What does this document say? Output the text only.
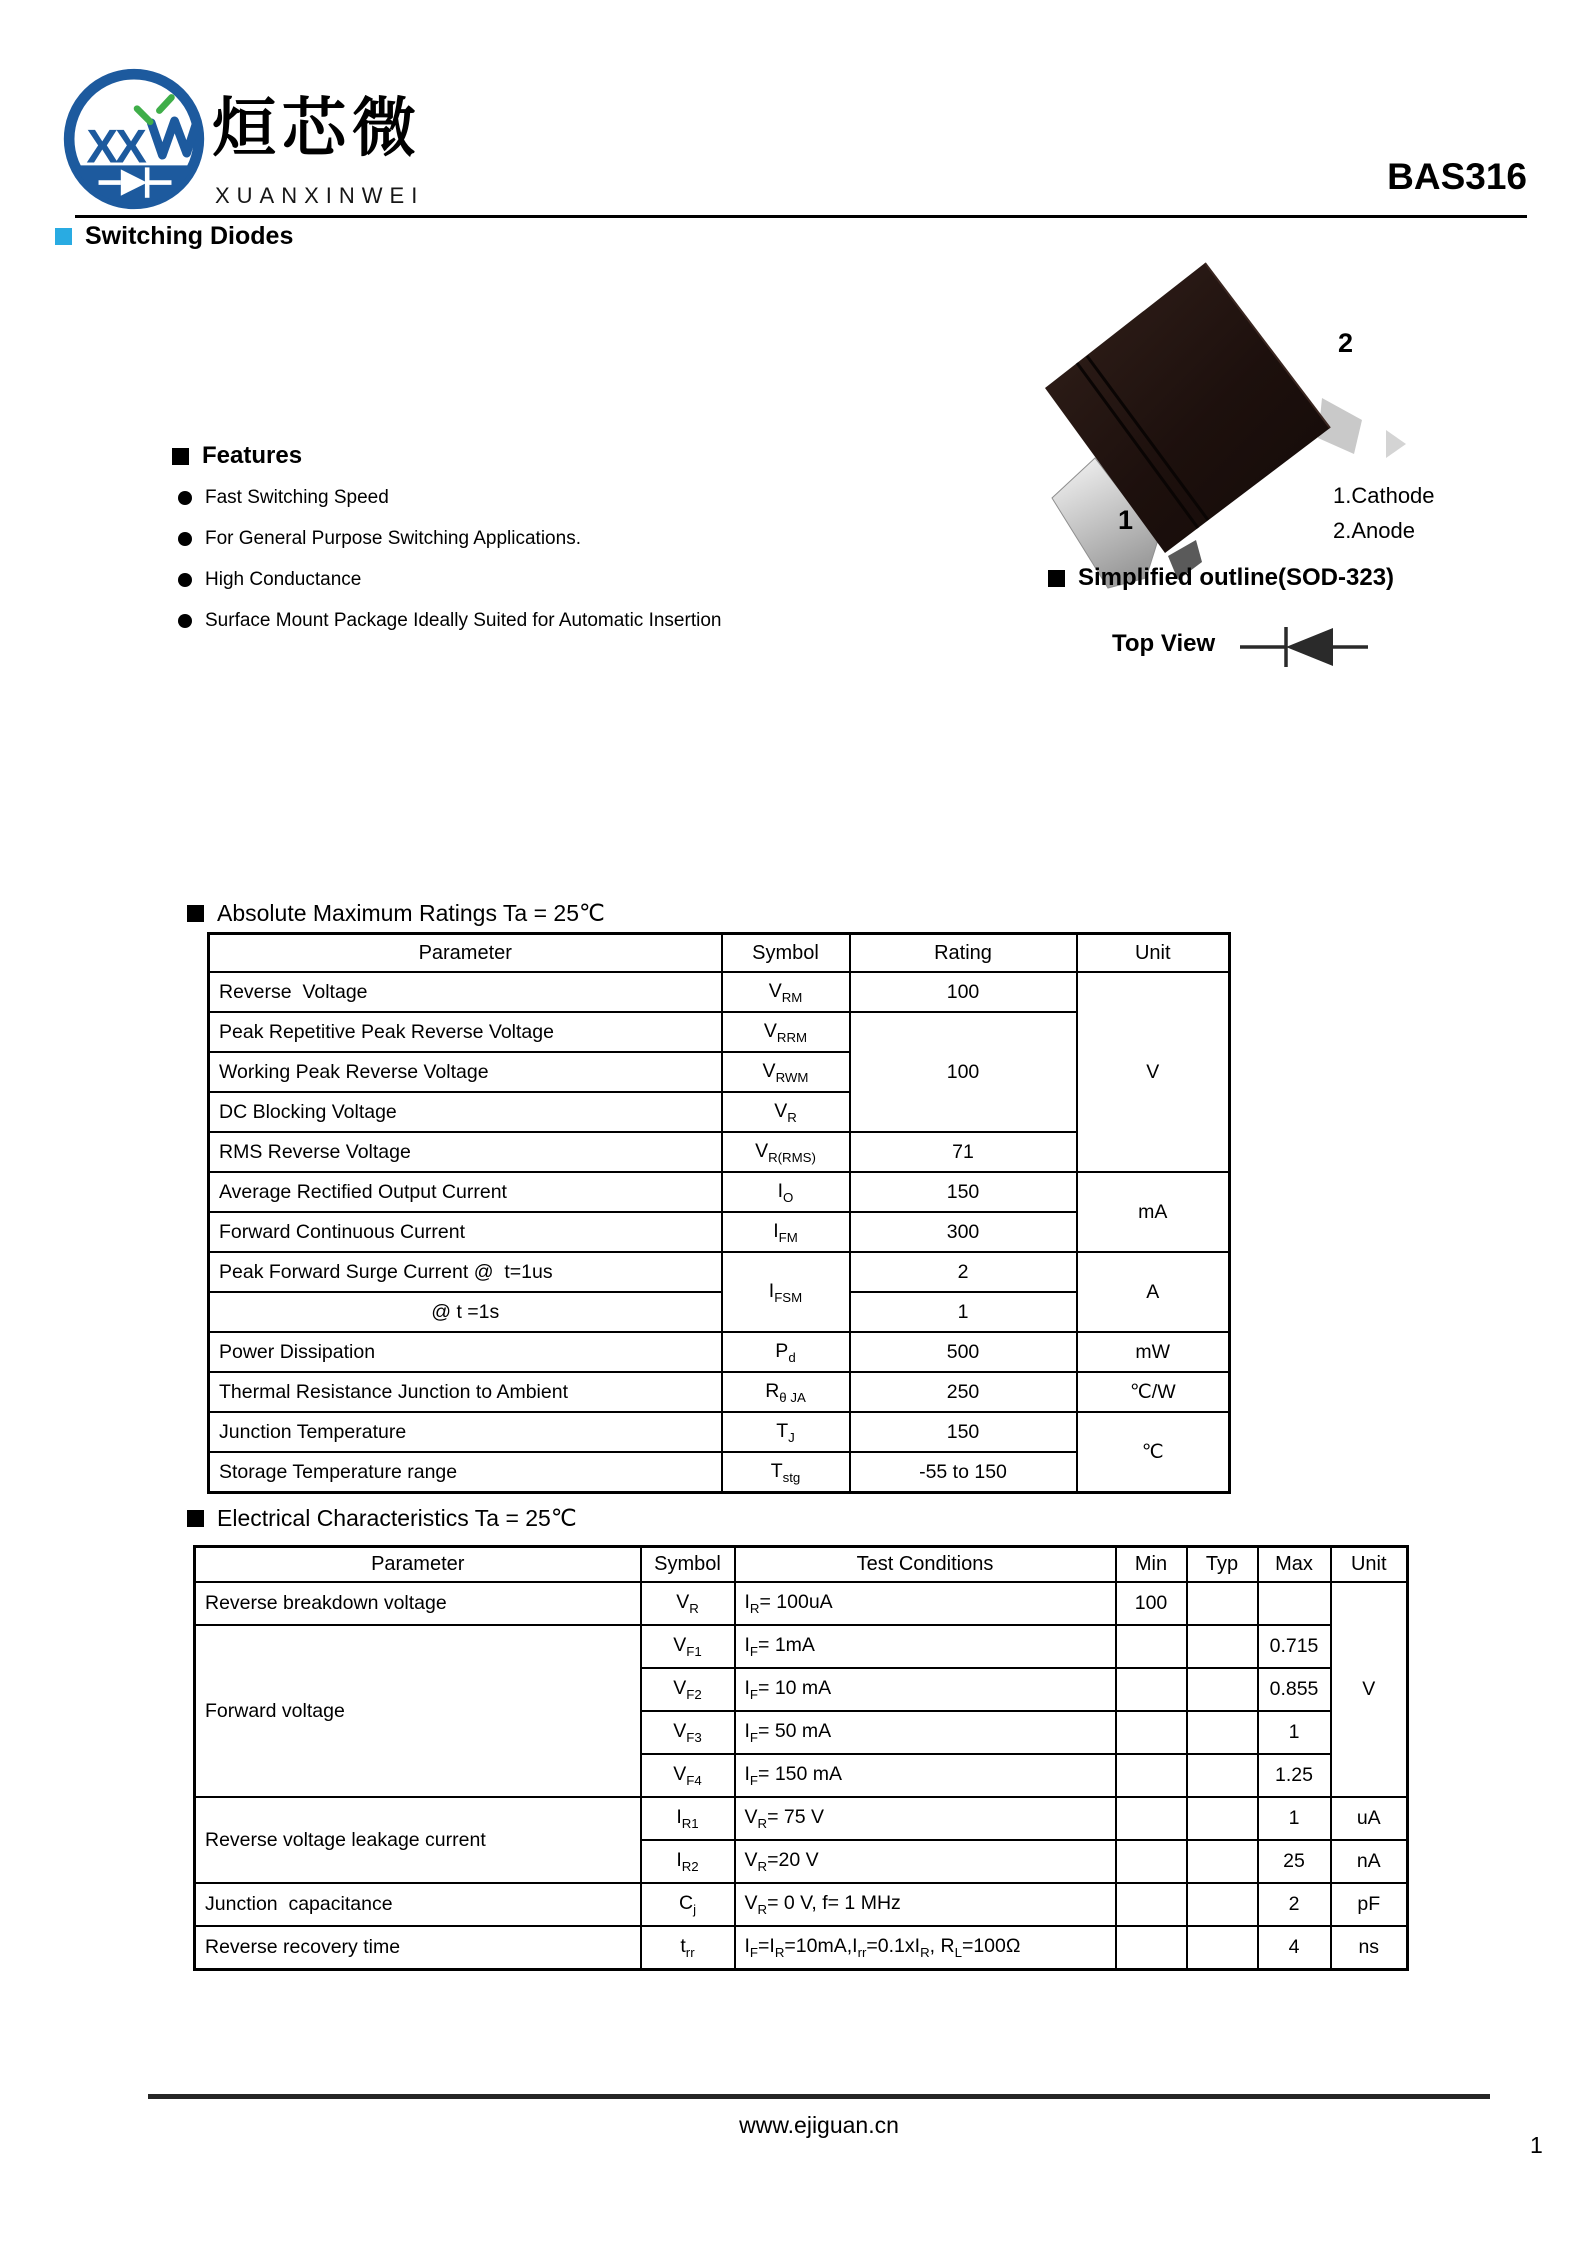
XX 烜芯微
XUANXINWEI	BAS316
Switching Diodes
2
1
1.Cathode
2.Anode
Simplified outline(SOD-323)
Top View
Features
Fast Switching Speed
For General Purpose Switching Applications.
High Conductance
Surface Mount Package Ideally Suited for Automatic Insertion
Absolute Maximum Ratings Ta = 25℃
Parameter	Symbol	Rating	Unit
Reverse  Voltage	$V_{RM}$	100	V
Peak Repetitive Peak Reverse Voltage	$V_{RRM}$	100	
Working Peak Reverse Voltage	$V_{RWM}$
DC Blocking Voltage	$V_R$
RMS Reverse Voltage	$V_{R(RMS)}$	71	
Average Rectified Output Current	$I_O$	150	mA
Forward Continuous Current	$I_{FM}$	300	
Peak Forward Surge Current @  t=1us	$I_{FSM}$	2	A
@ t =1s		1	
Power Dissipation	$P_d$	500	mW
Thermal Resistance Junction to Ambient	$R_{\theta JA}$	250	℃/W
Junction Temperature	$T_J$	150	℃
Storage Temperature range	$T_{stg}$	-55 to 150	
Electrical Characteristics Ta = 25℃
Parameter	Symbol	Test Conditions	Min	Typ	Max	Unit
Reverse breakdown voltage	$V_R$	$I_R= 100uA$	100			V
Forward voltage	$V_{F1}$	$I_F= 1mA$			0.715	
	$V_{F2}$	$I_F= 10$ mA			0.855	
	$V_{F3}$	$I_F= 50$ mA			1	
	$V_{F4}$	$I_F= 150$ mA			1.25	
Reverse voltage leakage current	$I_{R1}$	$V_R= 75$ V			1	uA
	$I_{R2}$	$V_R=20$ V			25	nA
Junction  capacitance	$C_j$	$V_R= 0$ V, f= 1 MHz			2	pF
Reverse recovery time	$t_{rr}$	$I_F=I_R=10mA,I_{rr}=0.1xI_R$, $R_L=100\Omega$			4	ns
www.ejiguan.cn
1
